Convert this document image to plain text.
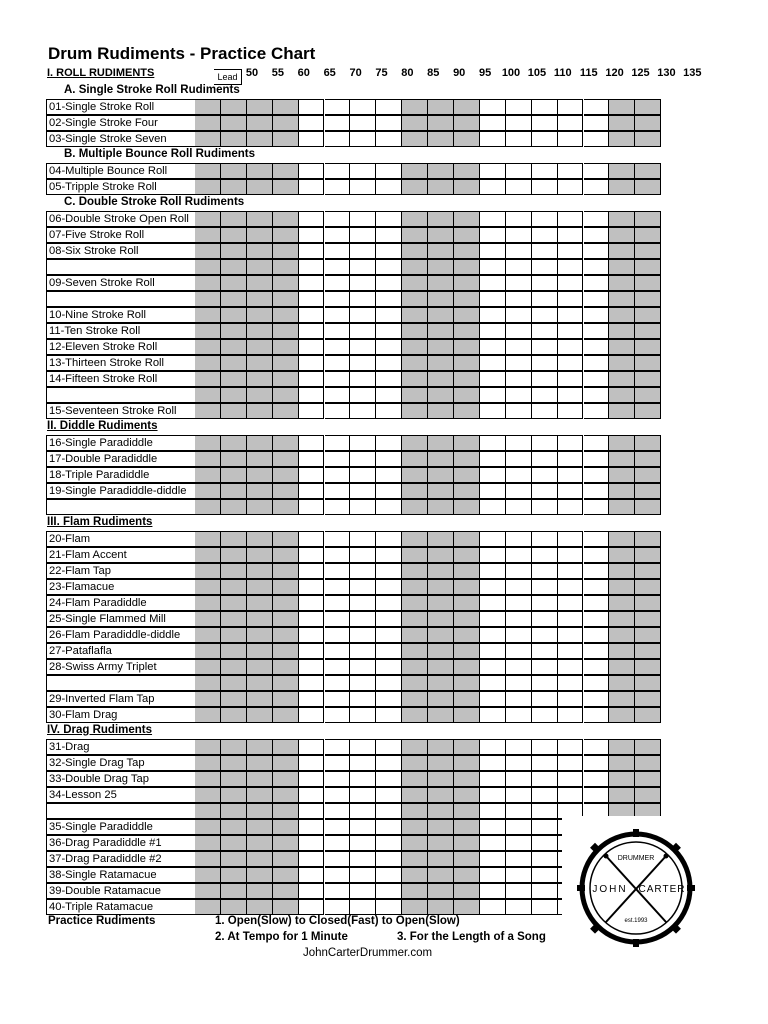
Drum Rudiments - Practice Chart
I. ROLL RUDIMENTS	Lead 50	55	60	65	70	75	80	85	90	95 100 105 110 115 120 125 130 135
A. Single Stroke Roll Rudiments
01-Single Stroke Roll
02-Single Stroke Four
03-Single Stroke Seven
B. Multiple Bounce Roll Rudiments
04-Multiple Bounce Roll
05-Tripple Stroke Roll
C. Double Stroke Roll Rudiments
06-Double Stroke Open Roll
07-Five Stroke Roll
08-Six Stroke Roll
09-Seven Stroke Roll
10-Nine Stroke Roll
11-Ten Stroke Roll
12-Eleven Stroke Roll
13-Thirteen Stroke Roll
14-Fifteen Stroke Roll
15-Seventeen Stroke Roll
II. Diddle Rudiments
16-Single Paradiddle
17-Double Paradiddle
18-Triple Paradiddle
19-Single Paradiddle-diddle
III. Flam Rudiments
20-Flam
21-Flam Accent
22-Flam Tap
23-Flamacue
24-Flam Paradiddle
25-Single Flammed Mill
26-Flam Paradiddle-diddle
27-Pataflafla
28-Swiss Army Triplet
29-Inverted Flam Tap
30-Flam Drag
IV. Drag Rudiments
31-Drag
32-Single Drag Tap
33-Double Drag Tap
34-Lesson 25
35-Single Paradiddle
36-Drag Paradiddle #1
37-Drag Paradiddle #2
38-Single Ratamacue
39-Double Ratamacue
40-Triple Ratamacue
Practice Rudiments	1. Open(Slow) to Closed(Fast) to Open(Slow)
2. At Tempo for 1 Minute	3. For the Length of a Song
JohnCarterDrummer.com
DRUMMER
JOHN CARTER
est.1993
